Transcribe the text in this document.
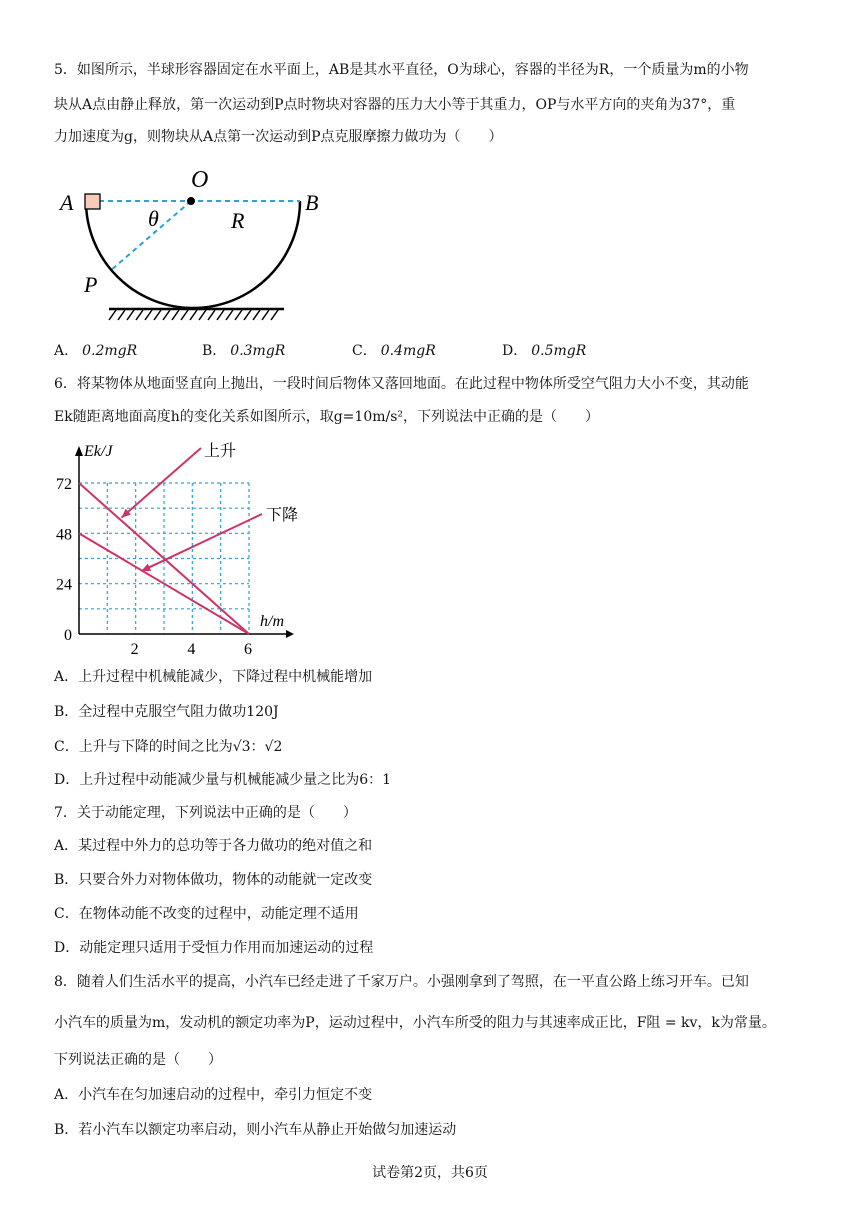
5．如图所示，半球形容器固定在水平面上，AB是其水平直径，O为球心，容器的半径为R，一个质量为m的小物
块从A点由静止释放，第一次运动到P点时物块对容器的压力大小等于其重力，OP与水平方向的夹角为37°，重
力加速度为g，则物块从A点第一次运动到P点克服摩擦力做功为（　　）
A
O
B
θ	R
P
A． 0.2mgR	B． 0.3mgR	C． 0.4mgR	D． 0.5mgR
6．将某物体从地面竖直向上抛出，一段时间后物体又落回地面。在此过程中物体所受空气阻力大小不变，其动能
Ek随距离地面高度h的变化关系如图所示，取g=10m/s²，下列说法中正确的是（　　）
72
48
24
0
2	4	6
Ek/J
h/m
上升
下降
A．上升过程中机械能减少，下降过程中机械能增加
B．全过程中克服空气阻力做功120J
C．上升与下降的时间之比为√3：√2
D．上升过程中动能减少量与机械能减少量之比为6：1
7．关于动能定理，下列说法中正确的是（　　）
A．某过程中外力的总功等于各力做功的绝对值之和
B．只要合外力对物体做功，物体的动能就一定改变
C．在物体动能不改变的过程中，动能定理不适用
D．动能定理只适用于受恒力作用而加速运动的过程
8．随着人们生活水平的提高，小汽车已经走进了千家万户。小强刚拿到了驾照，在一平直公路上练习开车。已知
小汽车的质量为m，发动机的额定功率为P，运动过程中，小汽车所受的阻力与其速率成正比，F阻 = kv，k为常量。
下列说法正确的是（　　）
A．小汽车在匀加速启动的过程中，牵引力恒定不变
B．若小汽车以额定功率启动，则小汽车从静止开始做匀加速运动
试卷第2页，共6页
